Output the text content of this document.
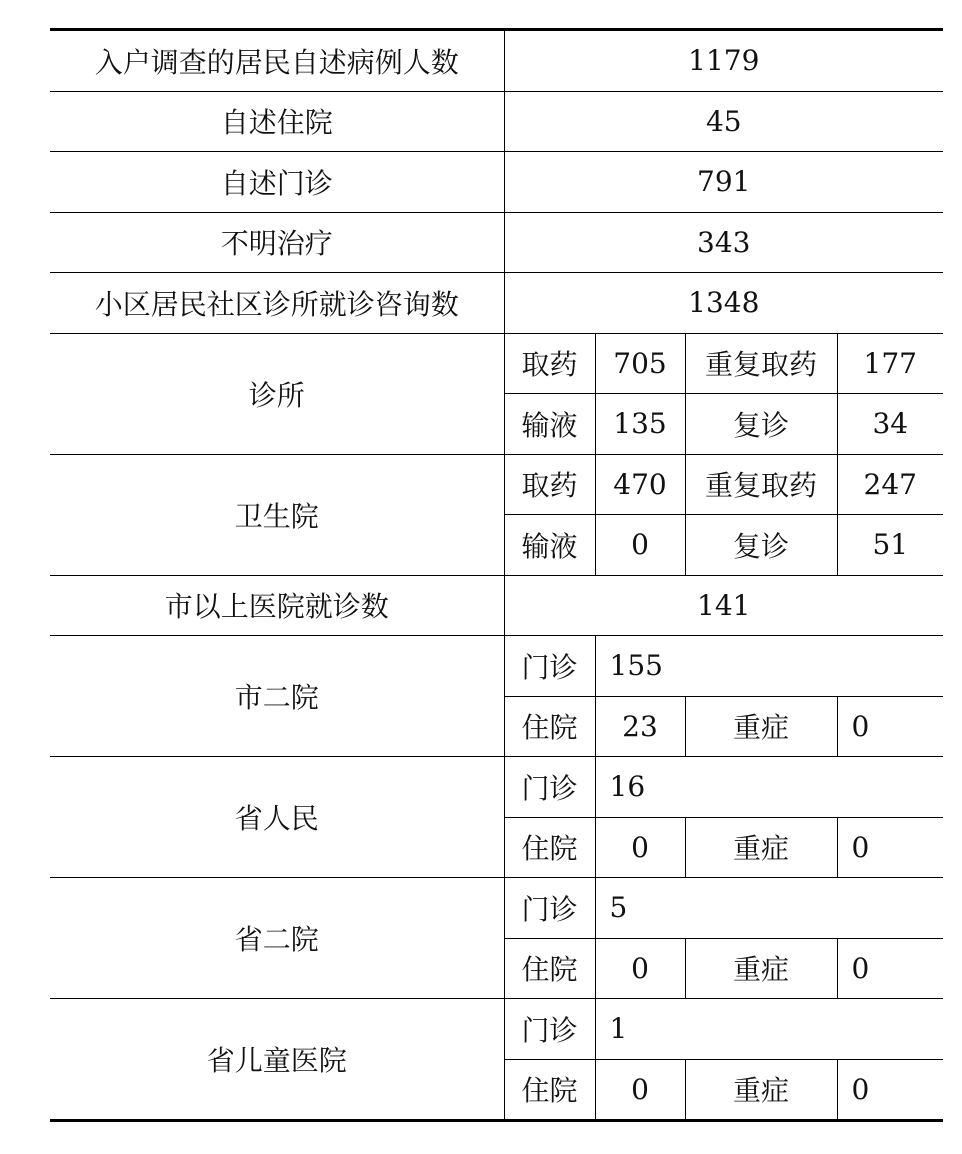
入户调查的居民自述病例人数	1179			
自述住院	45			
自述门诊	791			
不明治疗	343			
小区居民社区诊所就诊咨询数	1348			
诊所	取药	705	重复取药	177
	输液	135	复诊	34
卫生院	取药	470	重复取药	247
	输液	0	复诊	51
市以上医院就诊数	141			
市二院	门诊	155		
	住院	23	重症	0
省人民	门诊	16		
	住院	0	重症	0
省二院	门诊	5		
	住院	0	重症	0
省儿童医院	门诊	1		
	住院	0	重症	0
